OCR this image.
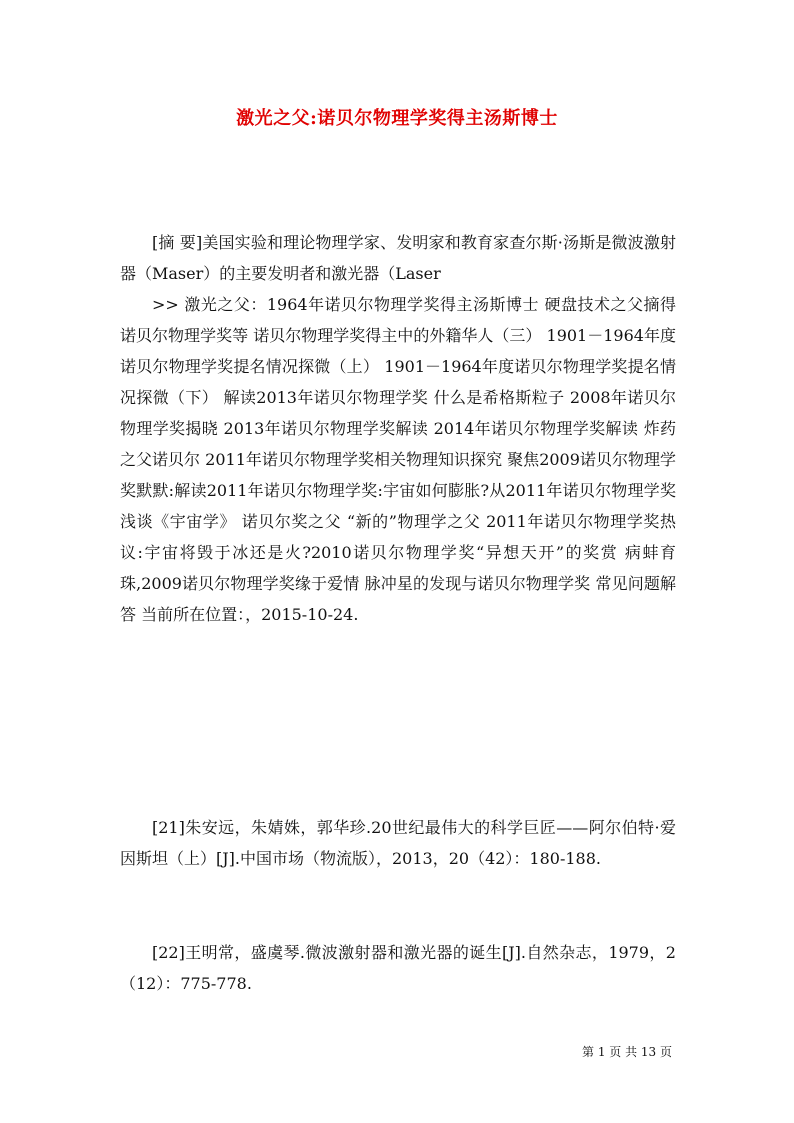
激光之父:诺贝尔物理学奖得主汤斯博士

[摘 要]美国实验和理论物理学家、发明家和教育家查尔斯·汤斯是微波激射器（Maser）的主要发明者和激光器（Laser

>> 激光之父：1964年诺贝尔物理学奖得主汤斯博士 硬盘技术之父摘得诺贝尔物理学奖等 诺贝尔物理学奖得主中的外籍华人（三） 1901－1964年度诺贝尔物理学奖提名情况探微（上） 1901－1964年度诺贝尔物理学奖提名情况探微（下） 解读2013年诺贝尔物理学奖 什么是希格斯粒子 2008年诺贝尔物理学奖揭晓 2013年诺贝尔物理学奖解读 2014年诺贝尔物理学奖解读 炸药之父诺贝尔 2011年诺贝尔物理学奖相关物理知识探究 聚焦2009诺贝尔物理学奖默默:解读2011年诺贝尔物理学奖:宇宙如何膨胀?从2011年诺贝尔物理学奖浅谈《宇宙学》 诺贝尔奖之父 “新的”物理学之父 2011年诺贝尔物理学奖热议:宇宙将毁于冰还是火?2010诺贝尔物理学奖“异想天开”的奖赏 病蚌育珠,2009诺贝尔物理学奖缘于爱情 脉冲星的发现与诺贝尔物理学奖 常见问题解答 当前所在位置：，2015-10-24.

[21]朱安远，朱婧姝，郭华珍.20世纪最伟大的科学巨匠——阿尔伯特·爱因斯坦（上）[J].中国市场（物流版），2013，20（42）：180-188.

[22]王明常，盛虞琴.微波激射器和激光器的诞生[J].自然杂志，1979，2（12）：775-778.

第 1 页 共 13 页
